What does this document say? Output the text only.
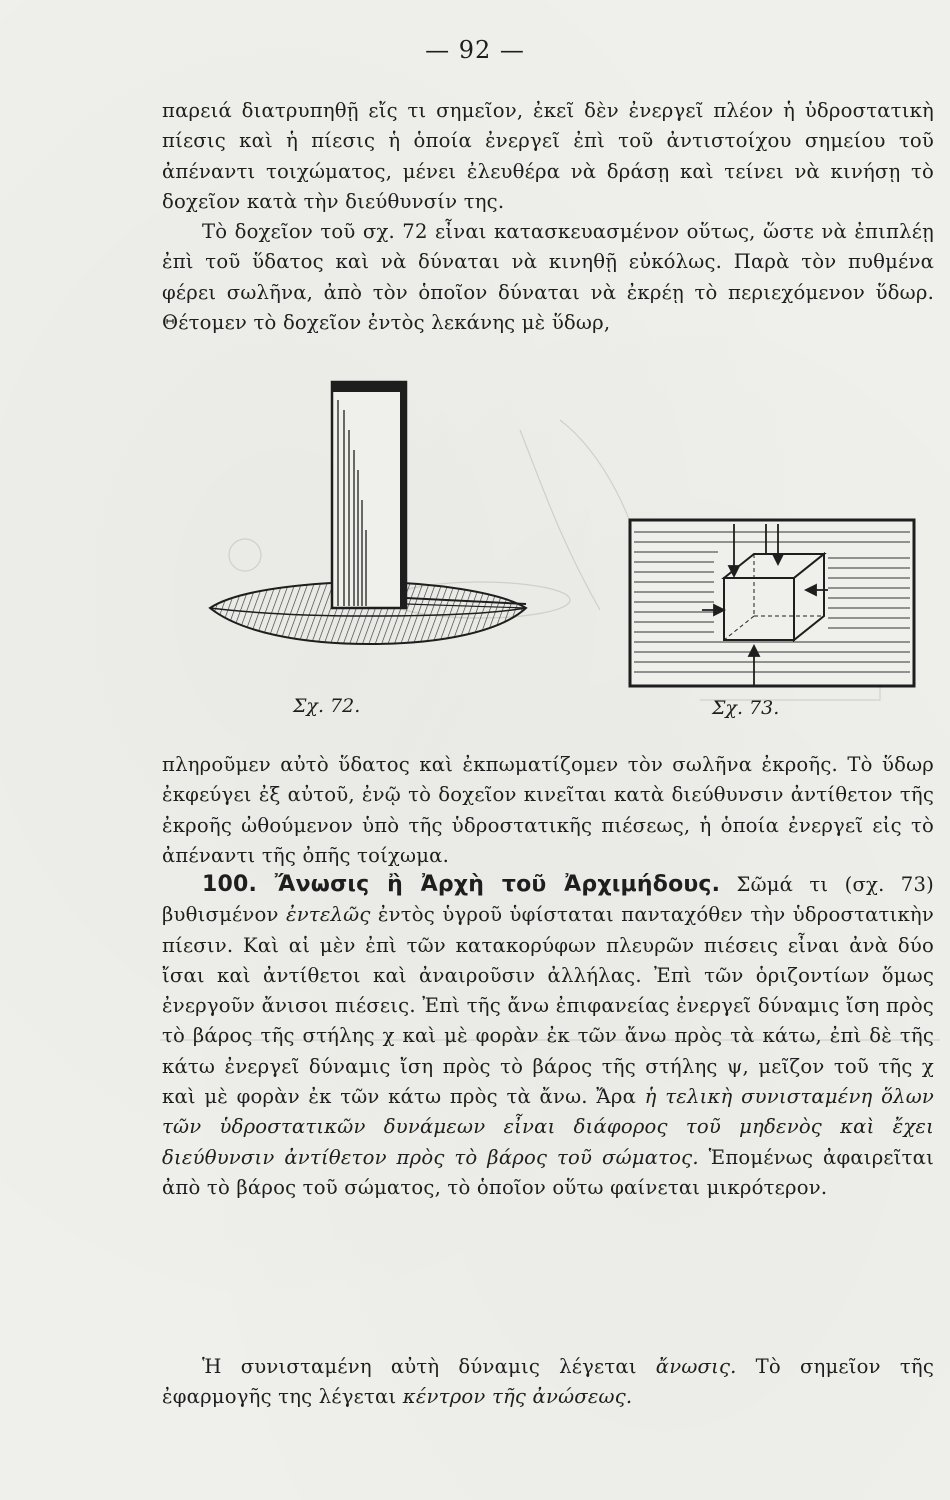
— 92 —

παρειά διατρυπηθῇ εἴς τι σημεῖον, ἐκεῖ δὲν ἐνεργεῖ πλέον ἡ ὑδροστατικὴ πίεσις καὶ ἡ πίεσις ἡ ὁποία ἐνεργεῖ ἐπὶ τοῦ ἀντιστοίχου σημείου τοῦ ἀπέναντι τοιχώματος, μένει ἐλευθέρα νὰ δράσῃ καὶ τείνει νὰ κινήσῃ τὸ δοχεῖον κατὰ τὴν διεύθυνσίν της.

Τὸ δοχεῖον τοῦ σχ. 72 εἶναι κατασκευασμένον οὕτως, ὥστε νὰ ἐπιπλέῃ ἐπὶ τοῦ ὕδατος καὶ νὰ δύναται νὰ κινηθῇ εὐκόλως. Παρὰ τὸν πυθμένα φέρει σωλῆνα, ἀπὸ τὸν ὁποῖον δύναται νὰ ἐκρέῃ τὸ περιεχόμενον ὕδωρ. Θέτομεν τὸ δοχεῖον ἐντὸς λεκάνης μὲ ὕδωρ,

Σχ. 72.	Σχ. 73.

πληροῦμεν αὐτὸ ὕδατος καὶ ἐκπωματίζομεν τὸν σωλῆνα ἐκροῆς. Τὸ ὕδωρ ἐκφεύγει ἐξ αὐτοῦ, ἐνῷ τὸ δοχεῖον κινεῖται κατὰ διεύθυνσιν ἀντίθετον τῆς ἐκροῆς ὠθούμενον ὑπὸ τῆς ὑδροστατικῆς πιέσεως, ἡ ὁποία ἐνεργεῖ εἰς τὸ ἀπέναντι τῆς ὀπῆς τοίχωμα.

100. Ἄνωσις ἢ Ἀρχὴ τοῦ Ἀρχιμήδους. Σῶμά τι (σχ. 73) βυθισμένον ἐντελῶς ἐντὸς ὑγροῦ ὑφίσταται πανταχόθεν τὴν ὑδροστατικὴν πίεσιν. Καὶ αἱ μὲν ἐπὶ τῶν κατακορύφων πλευρῶν πιέσεις εἶναι ἀνὰ δύο ἴσαι καὶ ἀντίθετοι καὶ ἀναιροῦσιν ἀλλήλας. Ἐπὶ τῶν ὁριζοντίων ὅμως ἐνεργοῦν ἄνισοι πιέσεις. Ἐπὶ τῆς ἄνω ἐπιφανείας ἐνεργεῖ δύναμις ἴση πρὸς τὸ βάρος τῆς στήλης χ καὶ μὲ φορὰν ἐκ τῶν ἄνω πρὸς τὰ κάτω, ἐπὶ δὲ τῆς κάτω ἐνεργεῖ δύναμις ἴση πρὸς τὸ βάρος τῆς στήλης ψ, μεῖζον τοῦ τῆς χ καὶ μὲ φορὰν ἐκ τῶν κάτω πρὸς τὰ ἄνω. Ἄρα ἡ τελικὴ συνισταμένη ὅλων τῶν ὑδροστατικῶν δυνάμεων εἶναι διάφορος τοῦ μηδενὸς καὶ ἔχει διεύθυνσιν ἀντίθετον πρὸς τὸ βάρος τοῦ σώματος. Ἑπομένως ἀφαιρεῖται ἀπὸ τὸ βάρος τοῦ σώματος, τὸ ὁποῖον οὕτω φαίνεται μικρότερον.

Ἡ συνισταμένη αὐτὴ δύναμις λέγεται ἄνωσις. Τὸ σημεῖον τῆς ἐφαρμογῆς της λέγεται κέντρον τῆς ἀνώσεως.
